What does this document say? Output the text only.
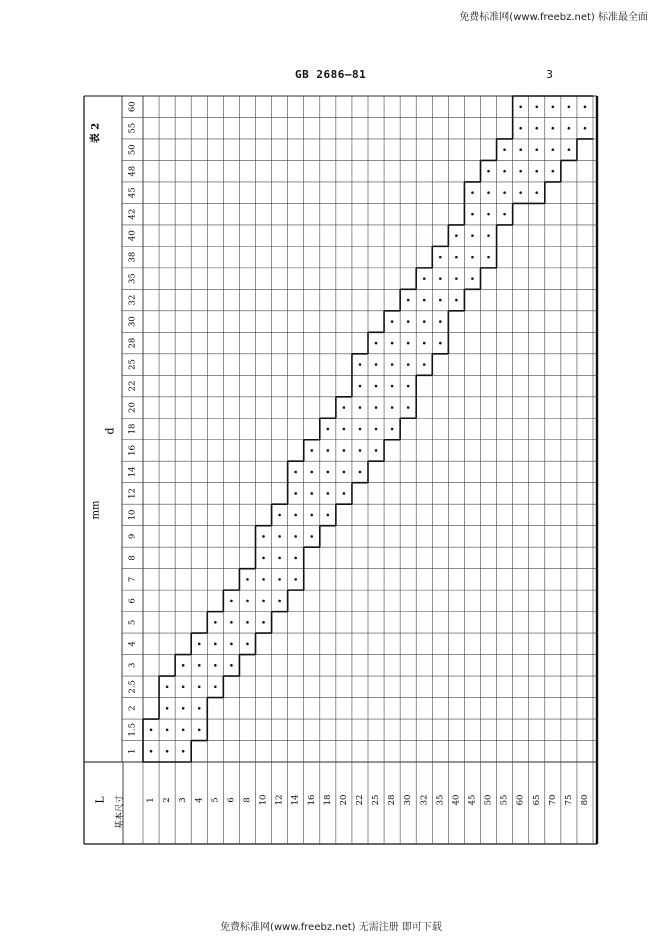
免费标准网(www.freebz.net) 标准最全面
GB 2686—81	3
1
1.5
2
2.5
3
4
5
6
7
8
9
10
12
14
16
18
20
22
25
28
30
32
35
38
40
42
45
48
50
55
60
1 2 3 4 5 6 8 10 12 14 16 18 20 22 25 28 30 32 35 40 45 50 55 60 65 70 75 80
L 基本尺寸
mm
d
表 2
免费标准网(www.freebz.net) 无需注册 即可下载
